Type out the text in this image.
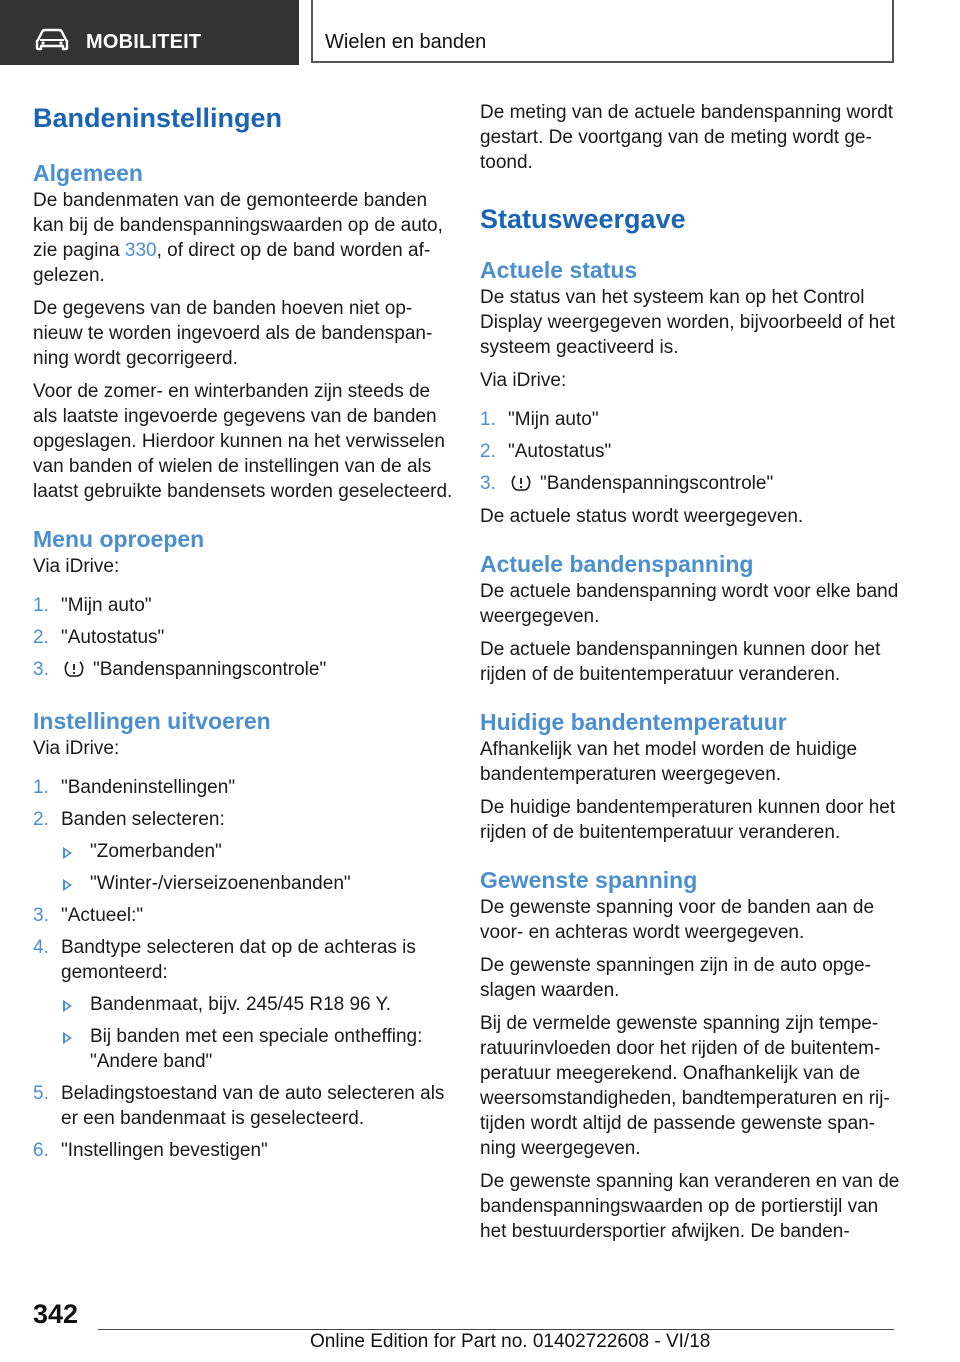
MOBILITEIT	Wielen en banden
Bandeninstellingen
Algemeen

De bandenmaten van de gemonteerde banden kan bij de bandenspanningswaarden op de auto, zie pagina 330, of direct op de band worden afgelezen.

De gegevens van de banden hoeven niet opnieuw te worden ingevoerd als de bandenspanning wordt gecorrigeerd.

Voor de zomer- en winterbanden zijn steeds de als laatste ingevoerde gegevens van de banden opgeslagen. Hierdoor kunnen na het verwisselen van banden of wielen de instellingen van de als laatst gebruikte bandensets worden geselecteerd.

Menu oproepen

Via iDrive:

1. "Mijn auto"
2. "Autostatus"
3. "Bandenspanningscontrole"
Instellingen uitvoeren

Via iDrive:

1. "Bandeninstellingen"
2. Banden selecteren:
"Zomerbanden"
"Winter-/vierseizoenenbanden"
3. "Actueel:"
4. Bandtype selecteren dat op de achteras is gemonteerd:
Bandenmaat, bijv. 245/45 R18 96 Y.
Bij banden met een speciale ontheffing: "Andere band"
5. Beladingstoestand van de auto selecteren als er een bandenmaat is geselecteerd.
6. "Instellingen bevestigen"

De meting van de actuele bandenspanning wordt gestart. De voortgang van de meting wordt getoond.

Statusweergave
Actuele status

De status van het systeem kan op het Control Display weergegeven worden, bijvoorbeeld of het systeem geactiveerd is.

Via iDrive:

1. "Mijn auto"
2. "Autostatus"
3. "Bandenspanningscontrole"

De actuele status wordt weergegeven.

Actuele bandenspanning

De actuele bandenspanning wordt voor elke band weergegeven.

De actuele bandenspanningen kunnen door het rijden of de buitentemperatuur veranderen.

Huidige bandentemperatuur

Afhankelijk van het model worden de huidige bandentemperaturen weergegeven.

De huidige bandentemperaturen kunnen door het rijden of de buitentemperatuur veranderen.

Gewenste spanning

De gewenste spanning voor de banden aan de voor- en achteras wordt weergegeven.

De gewenste spanningen zijn in de auto opgeslagen waarden.

Bij de vermelde gewenste spanning zijn temperatuurinvloeden door het rijden of de buitentemperatuur meegerekend. Onafhankelijk van de weersomstandigheden, bandtemperaturen en rijtijden wordt altijd de passende gewenste spanning weergegeven.

De gewenste spanning kan veranderen en van de bandenspanningswaarden op de portierstijl van het bestuurdersportier afwijken. De banden-

342
Online Edition for Part no. 01402722608 - VI/18
